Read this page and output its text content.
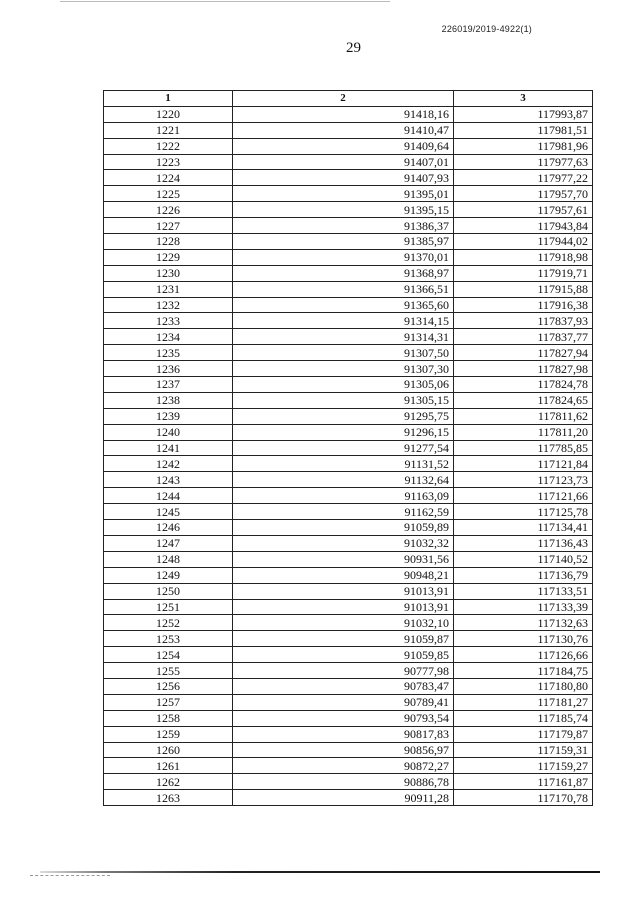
226019/2019-4922(1)
29
1	2	3
1220	91418,16	117993,87
1221	91410,47	117981,51
1222	91409,64	117981,96
1223	91407,01	117977,63
1224	91407,93	117977,22
1225	91395,01	117957,70
1226	91395,15	117957,61
1227	91386,37	117943,84
1228	91385,97	117944,02
1229	91370,01	117918,98
1230	91368,97	117919,71
1231	91366,51	117915,88
1232	91365,60	117916,38
1233	91314,15	117837,93
1234	91314,31	117837,77
1235	91307,50	117827,94
1236	91307,30	117827,98
1237	91305,06	117824,78
1238	91305,15	117824,65
1239	91295,75	117811,62
1240	91296,15	117811,20
1241	91277,54	117785,85
1242	91131,52	117121,84
1243	91132,64	117123,73
1244	91163,09	117121,66
1245	91162,59	117125,78
1246	91059,89	117134,41
1247	91032,32	117136,43
1248	90931,56	117140,52
1249	90948,21	117136,79
1250	91013,91	117133,51
1251	91013,91	117133,39
1252	91032,10	117132,63
1253	91059,87	117130,76
1254	91059,85	117126,66
1255	90777,98	117184,75
1256	90783,47	117180,80
1257	90789,41	117181,27
1258	90793,54	117185,74
1259	90817,83	117179,87
1260	90856,97	117159,31
1261	90872,27	117159,27
1262	90886,78	117161,87
1263	90911,28	117170,78
